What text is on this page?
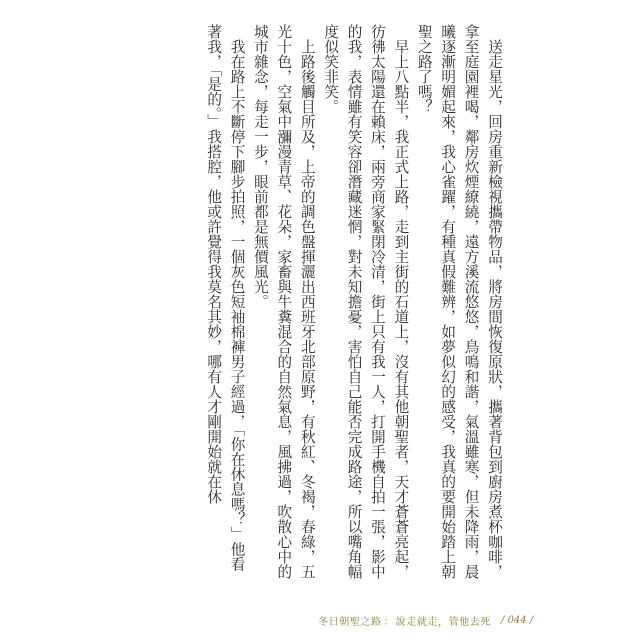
送走星光，回房重新檢視攜帶物品，將房間恢復原狀，攜著背包到廚房煮杯咖啡，拿至庭園裡喝，鄰房炊煙繚繞，遠方溪流悠悠，鳥鳴和諧，氣溫雖寒，但未降雨，晨曦逐漸明媚起來，我心雀躍，有種真假難辨，如夢似幻的感受，我真的要開始踏上朝聖之路了嗎？

早上八點半，我正式上路，走到主街的石道上，沒有其他朝聖者，天才蒼蒼亮起，彷彿太陽還在賴床，兩旁商家緊閉冷清，街上只有我一人，打開手機自拍一張，影中的我，表情雖有笑容卻潛藏迷惘，對未知擔憂，害怕自己能否完成路途，所以嘴角幅度似笑非笑。

上路後觸目所及，上帝的調色盤揮灑出西班牙北部原野，有秋紅、冬褐，春綠，五光十色，空氣中瀰漫青草、花朵，家畜與牛糞混合的自然氣息，風拂過，吹散心中的城市雜念，每走一步，眼前都是無價風光。

我在路上不斷停下腳步拍照，一個灰色短袖棉褲男子經過，「你在休息嗎？」他看著我，「是的。」我搭腔，他或許覺得我莫名其妙，哪有人才剛開始就在休

冬日朝聖之路 ： 說走就走，管他去死 / 044 /
